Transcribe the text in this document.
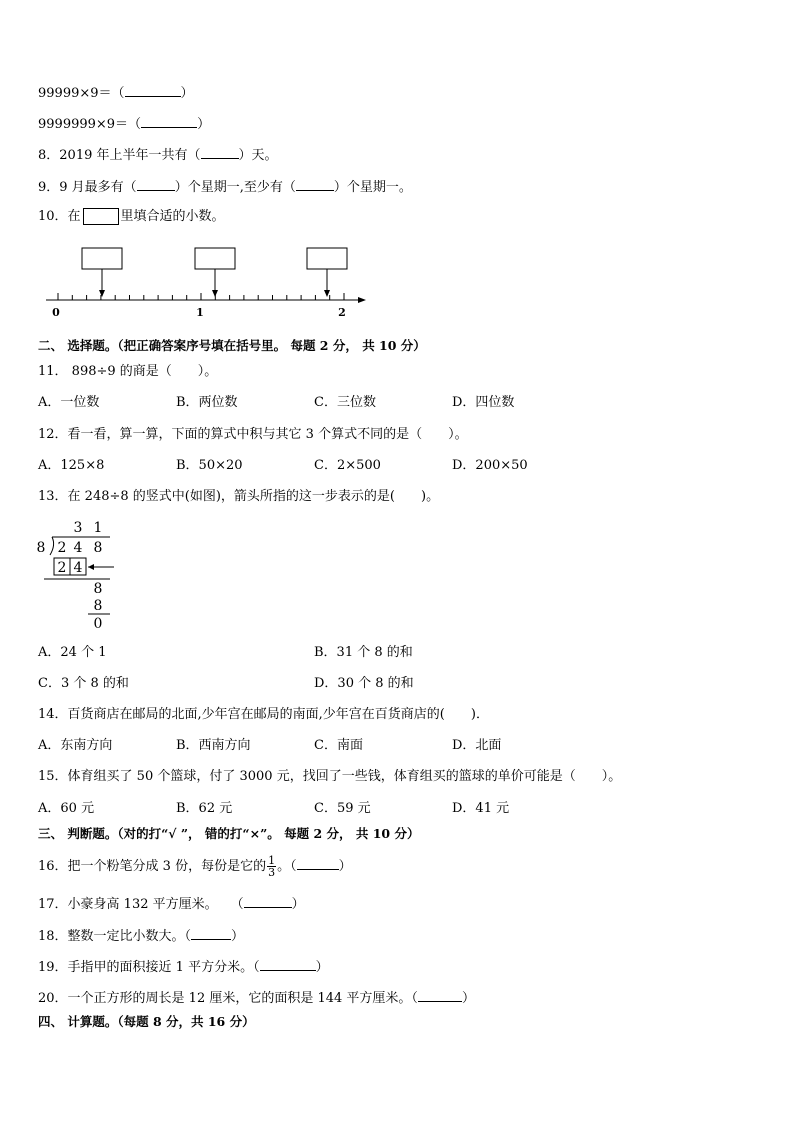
99999×9＝（	）
9999999×9＝（	）
8．2019 年上半年一共有（	）天。
9．9 月最多有（	）个星期一,至少有（	）个星期一。
10．在	里填合适的小数。
0	1	2
二、 选择题。（把正确答案序号填在括号里。 每题 2 分， 共 10 分）
11． 898÷9 的商是（　　）。
A．一位数	B．两位数	C．三位数	D．四位数
12．看一看，算一算，下面的算式中积与其它 3 个算式不同的是（　　）。
A．125×8	B．50×20	C．2×500	D．200×50
13．在 248÷8 的竖式中(如图)，箭头所指的这一步表示的是(　　)。
3 1
8 2 4 8
2 4
8
8
0
A．24 个 1	B．31 个 8 的和
C．3 个 8 的和	D．30 个 8 的和
14．百货商店在邮局的北面,少年宫在邮局的南面,少年宫在百货商店的(　　)．
A．东南方向	B．西南方向	C．南面	D．北面
15．体育组买了 50 个篮球，付了 3000 元，找回了一些钱，体育组买的篮球的单价可能是（　　）。
A．60 元	B．62 元	C．59 元	D．41 元
三、 判断题。（对的打“√ ”， 错的打“×”。 每题 2 分， 共 10 分）
16．把一个粉笔分成 3 份，每份是它的 $\frac{1}{3}$ 。（	）
17．小豪身高 132 平方厘米。　　（	）
18．整数一定比小数大。（	）
19．手指甲的面积接近 1 平方分米。（	）
20．一个正方形的周长是 12 厘米，它的面积是 144 平方厘米。（	）
四、 计算题。（每题 8 分，共 16 分）
